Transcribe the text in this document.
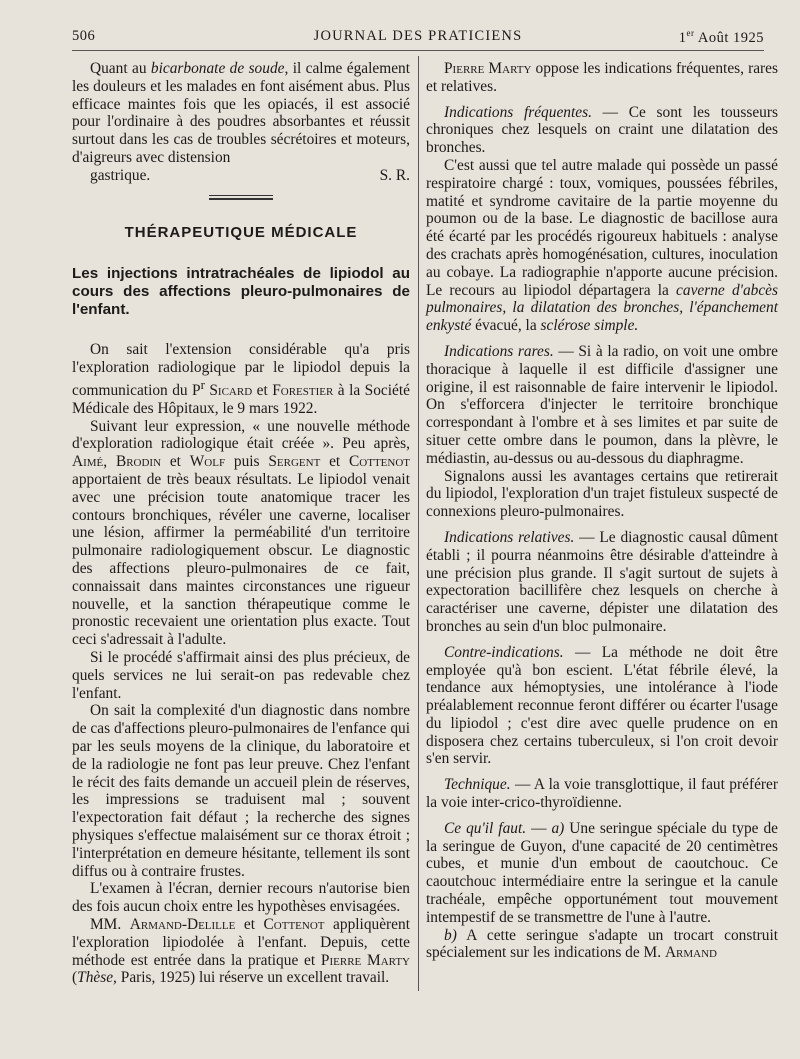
506	JOURNAL DES PRATICIENS	1er Août 1925

Quant au bicarbonate de soude, il calme également les douleurs et les malades en font aisément abus. Plus efficace maintes fois que les opiacés, il est associé pour l'ordinaire à des poudres absorbantes et réussit surtout dans les cas de troubles sécrétoires et moteurs, d'aigreurs avec distension

gastrique.	S. R.

THÉRAPEUTIQUE MÉDICALE
Les injections intratrachéales de lipiodol au cours des affections pleuro-pulmonaires de l'enfant.

On sait l'extension considérable qu'a pris l'exploration radiologique par le lipiodol depuis la communication du $P^r$ Sicard et Forestier à la Société Médicale des Hôpitaux, le 9 mars 1922.

Suivant leur expression, « une nouvelle méthode d'exploration radiologique était créée ». Peu après, Aimé, Brodin et Wolf puis Sergent et Cottenot apportaient de très beaux résultats. Le lipiodol venait avec une précision toute anatomique tracer les contours bronchiques, révéler une caverne, localiser une lésion, affirmer la perméabilité d'un territoire pulmonaire radiologiquement obscur. Le diagnostic des affections pleuro-pulmonaires de ce fait, connaissait dans maintes circonstances une rigueur nouvelle, et la sanction thérapeutique comme le pronostic recevaient une orientation plus exacte. Tout ceci s'adressait à l'adulte.

Si le procédé s'affirmait ainsi des plus précieux, de quels services ne lui serait-on pas redevable chez l'enfant.

On sait la complexité d'un diagnostic dans nombre de cas d'affections pleuro-pulmonaires de l'enfance qui par les seuls moyens de la clinique, du laboratoire et de la radiologie ne font pas leur preuve. Chez l'enfant le récit des faits demande un accueil plein de réserves, les impressions se traduisent mal ; souvent l'expectoration fait défaut ; la recherche des signes physiques s'effectue malaisément sur ce thorax étroit ; l'interprétation en demeure hésitante, tellement ils sont diffus ou à contraire frustes.

L'examen à l'écran, dernier recours n'autorise bien des fois aucun choix entre les hypothèses envisagées.

MM. Armand-Delille et Cottenot appliquèrent l'exploration lipiodolée à l'enfant. Depuis, cette méthode est entrée dans la pratique et Pierre Marty (Thèse, Paris, 1925) lui réserve un excellent travail.

Pierre Marty oppose les indications fréquentes, rares et relatives.

Indications fréquentes. — Ce sont les tousseurs chroniques chez lesquels on craint une dilatation des bronches.

C'est aussi que tel autre malade qui possède un passé respiratoire chargé : toux, vomiques, poussées fébriles, matité et syndrome cavitaire de la partie moyenne du poumon ou de la base. Le diagnostic de bacillose aura été écarté par les procédés rigoureux habituels : analyse des crachats après homogénésation, cultures, inoculation au cobaye. La radiographie n'apporte aucune précision. Le recours au lipiodol départagera la caverne d'abcès pulmonaires, la dilatation des bronches, l'épanchement enkysté évacué, la sclérose simple.

Indications rares. — Si à la radio, on voit une ombre thoracique à laquelle il est difficile d'assigner une origine, il est raisonnable de faire intervenir le lipiodol. On s'efforcera d'injecter le territoire bronchique correspondant à l'ombre et à ses limites et par suite de situer cette ombre dans le poumon, dans la plèvre, le médiastin, au-dessus ou au-dessous du diaphragme.

Signalons aussi les avantages certains que retirerait du lipiodol, l'exploration d'un trajet fistuleux suspecté de connexions pleuro-pulmonaires.

Indications relatives. — Le diagnostic causal dûment établi ; il pourra néanmoins être désirable d'atteindre à une précision plus grande. Il s'agit surtout de sujets à expectoration bacillifère chez lesquels on cherche à caractériser une caverne, dépister une dilatation des bronches au sein d'un bloc pulmonaire.

Contre-indications. — La méthode ne doit être employée qu'à bon escient. L'état fébrile élevé, la tendance aux hémoptysies, une intolérance à l'iode préalablement reconnue feront différer ou écarter l'usage du lipiodol ; c'est dire avec quelle prudence on en disposera chez certains tuberculeux, si l'on croit devoir s'en servir.

Technique. — A la voie transglottique, il faut préférer la voie inter-crico-thyroïdienne.

Ce qu'il faut. — a) Une seringue spéciale du type de la seringue de Guyon, d'une capacité de 20 centimètres cubes, et munie d'un embout de caoutchouc. Ce caoutchouc intermédiaire entre la seringue et la canule trachéale, empêche opportunément tout mouvement intempestif de se transmettre de l'une à l'autre.

b) A cette seringue s'adapte un trocart construit spécialement sur les indications de M. Armand
